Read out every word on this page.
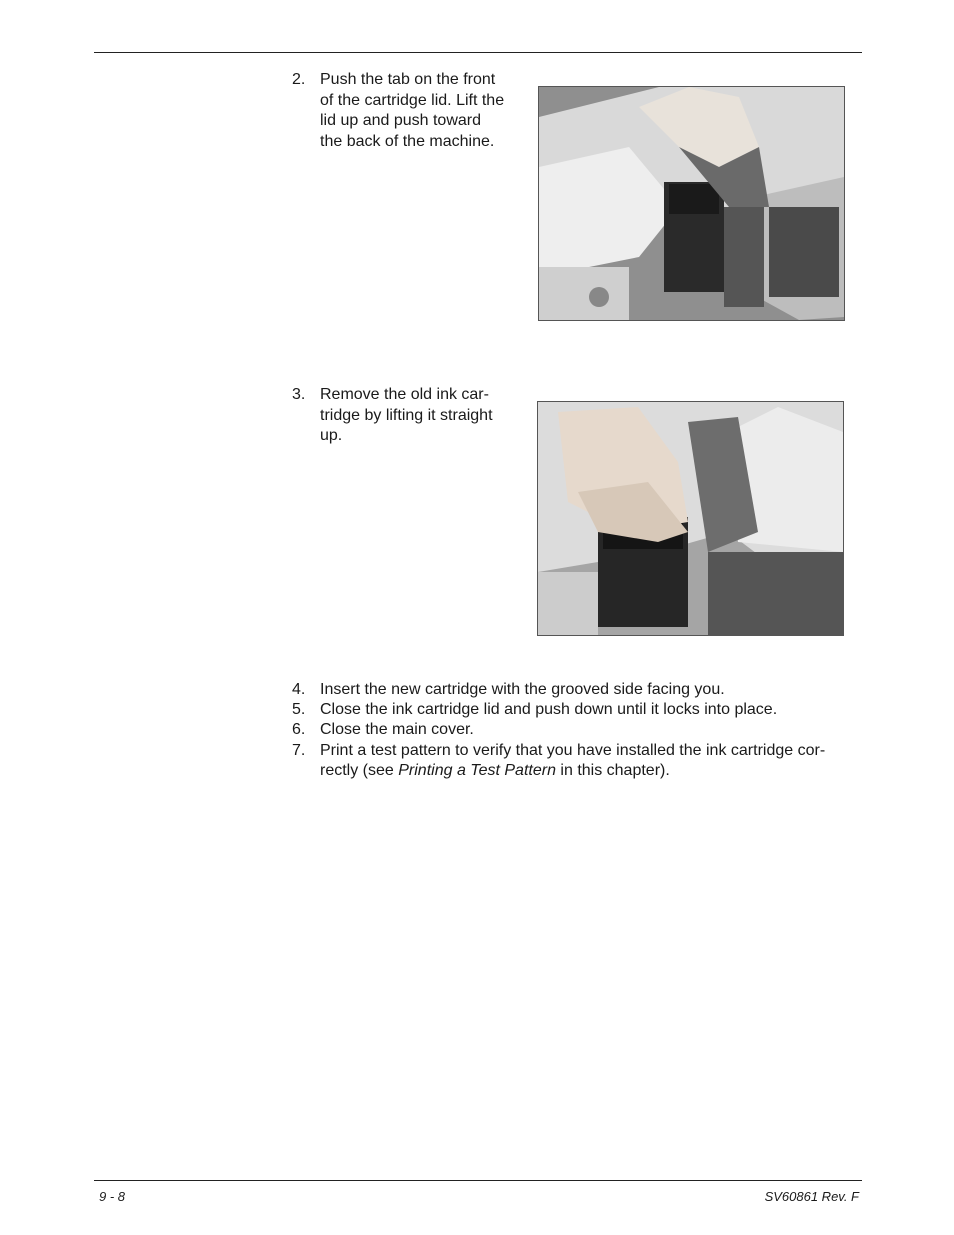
2. Push the tab on the front
of the cartridge lid. Lift the
lid up and push toward
the back of the machine.
3. Remove the old ink car-
tridge by lifting it straight
up.
4. Insert the new cartridge with the grooved side facing you.
5. Close the ink cartridge lid and push down until it locks into place.
6. Close the main cover.
7. Print a test pattern to verify that you have installed the ink cartridge cor-
rectly (see Printing a Test Pattern in this chapter).
9 - 8	SV60861 Rev. F
